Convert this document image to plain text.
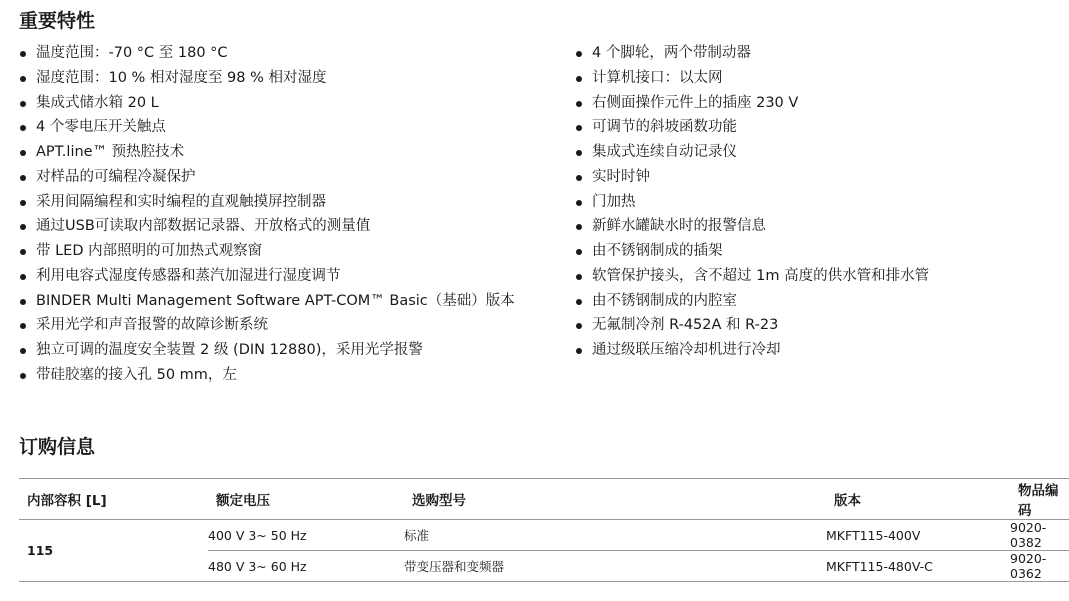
重要特性
温度范围：-70 °C 至 180 °C
湿度范围：10 % 相对湿度至 98 % 相对湿度
集成式储水箱 20 L
4 个零电压开关触点
APT.line™ 预热腔技术
对样品的可编程冷凝保护
采用间隔编程和实时编程的直观触摸屏控制器
通过USB可读取内部数据记录器、开放格式的测量值
带 LED 内部照明的可加热式观察窗
利用电容式湿度传感器和蒸汽加湿进行湿度调节
BINDER Multi Management Software APT-COM™ Basic（基础）版本
采用光学和声音报警的故障诊断系统
独立可调的温度安全装置 2 级 (DIN 12880)，采用光学报警
带硅胶塞的接入孔 50 mm，左
4 个脚轮，两个带制动器
计算机接口：以太网
右侧面操作元件上的插座 230 V
可调节的斜坡函数功能
集成式连续自动记录仪
实时时钟
门加热
新鲜水罐缺水时的报警信息
由不锈钢制成的插架
软管保护接头，含不超过 1m 高度的供水管和排水管
由不锈钢制成的内腔室
无氟制冷剂 R-452A 和 R-23
通过级联压缩冷却机进行冷却
订购信息
内部容积 [L]	额定电压	选购型号	版本	物品编码
115	400 V 3~ 50 Hz	标准	MKFT115-400V	9020-0382
	480 V 3~ 60 Hz	带变压器和变频器	MKFT115-480V-C	9020-0362
